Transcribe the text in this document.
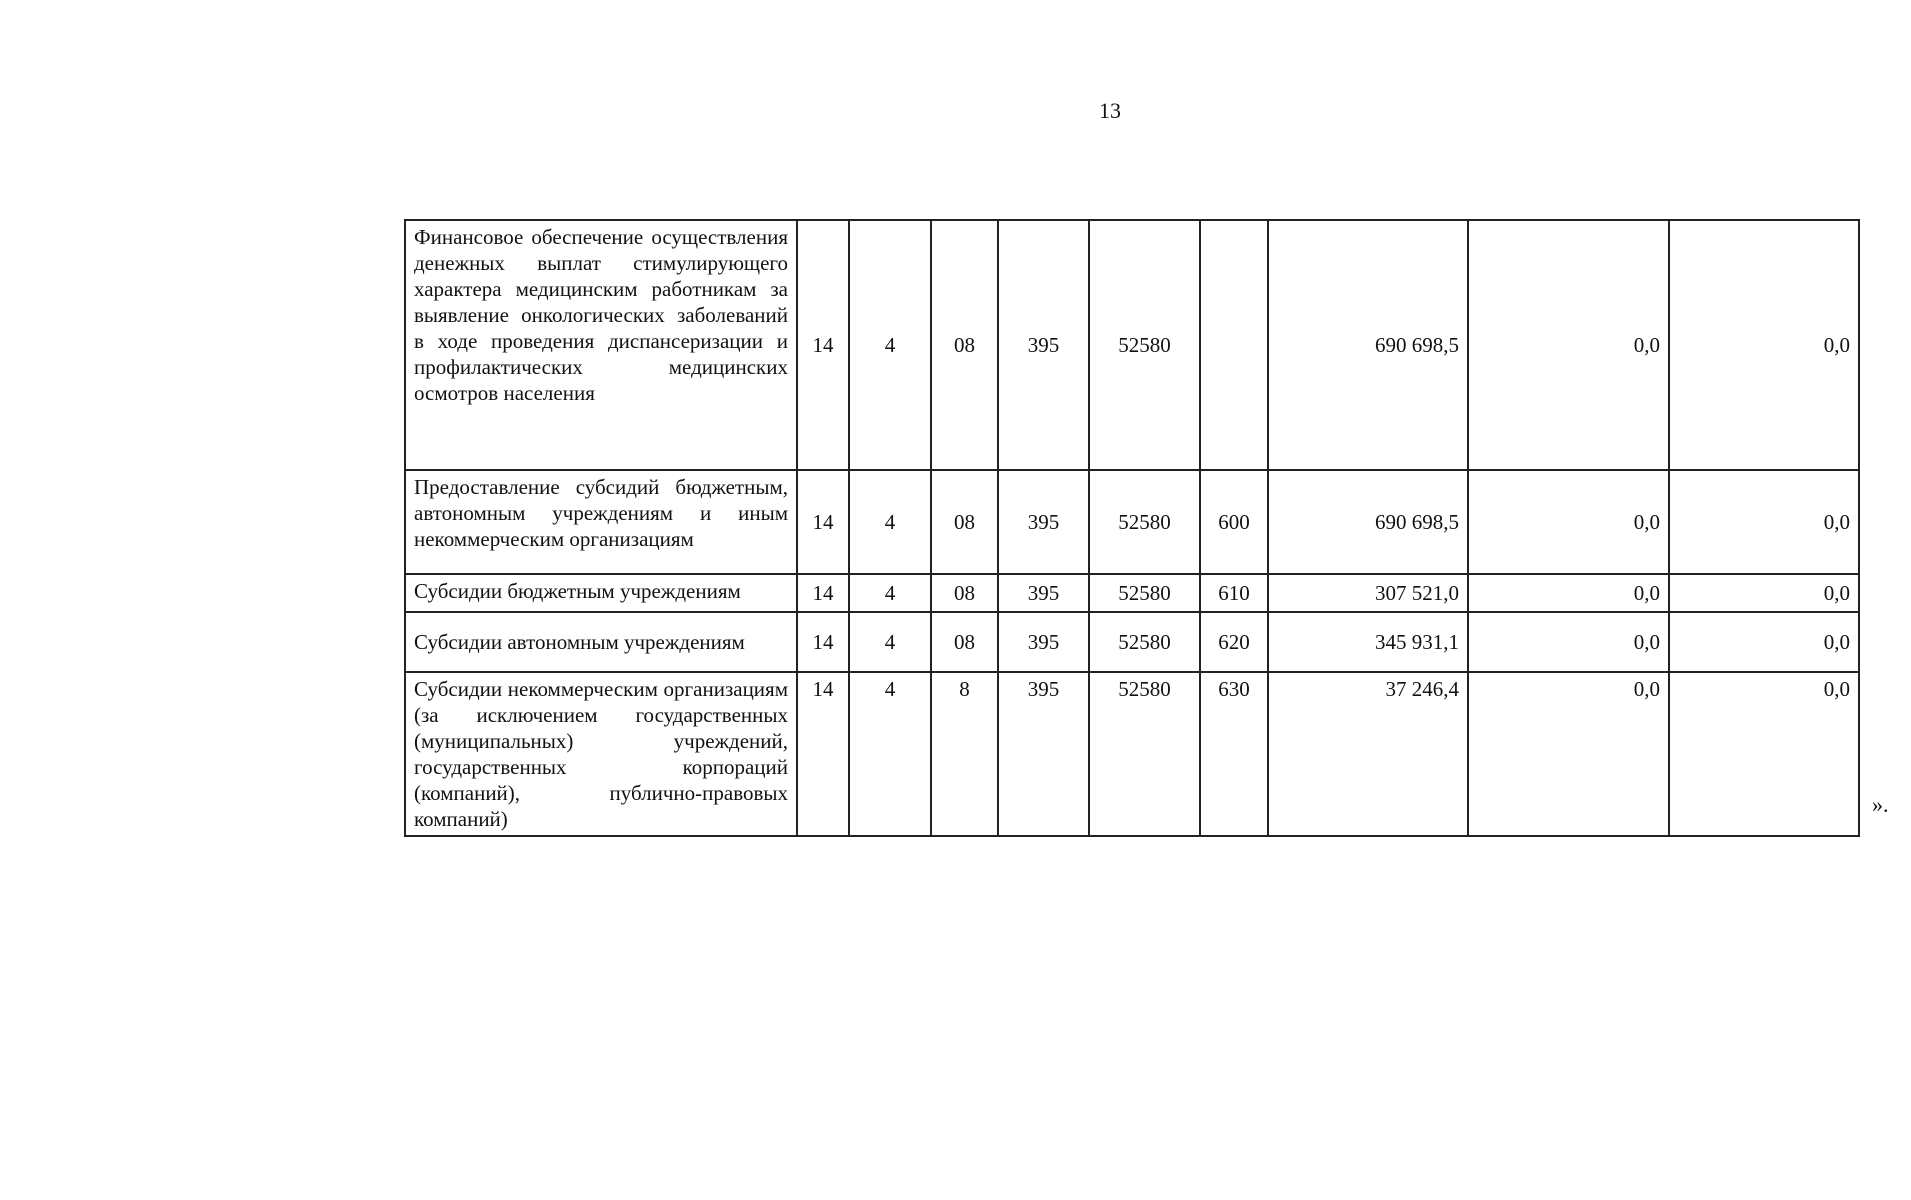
13
Финансовое обеспечение осуществления денежных выплат стимулирующего характера медицинским работникам за выявление онкологических заболеваний в ходе проведения диспансеризации и профилактических медицинских осмотров населения	14	4	08	395	52580		690 698,5	0,0	0,0
Предоставление субсидий бюджетным, автономным учреждениям и иным некоммерческим организациям	14	4	08	395	52580	600	690 698,5	0,0	0,0
Субсидии бюджетным учреждениям	14	4	08	395	52580	610	307 521,0	0,0	0,0
Субсидии автономным учреждениям	14	4	08	395	52580	620	345 931,1	0,0	0,0
Субсидии некоммерческим организациям (за исключением государственных (муниципальных) учреждений, государственных корпораций (компаний), публично-правовых компаний)	14	4	8	395	52580	630	37 246,4	0,0	0,0
».
